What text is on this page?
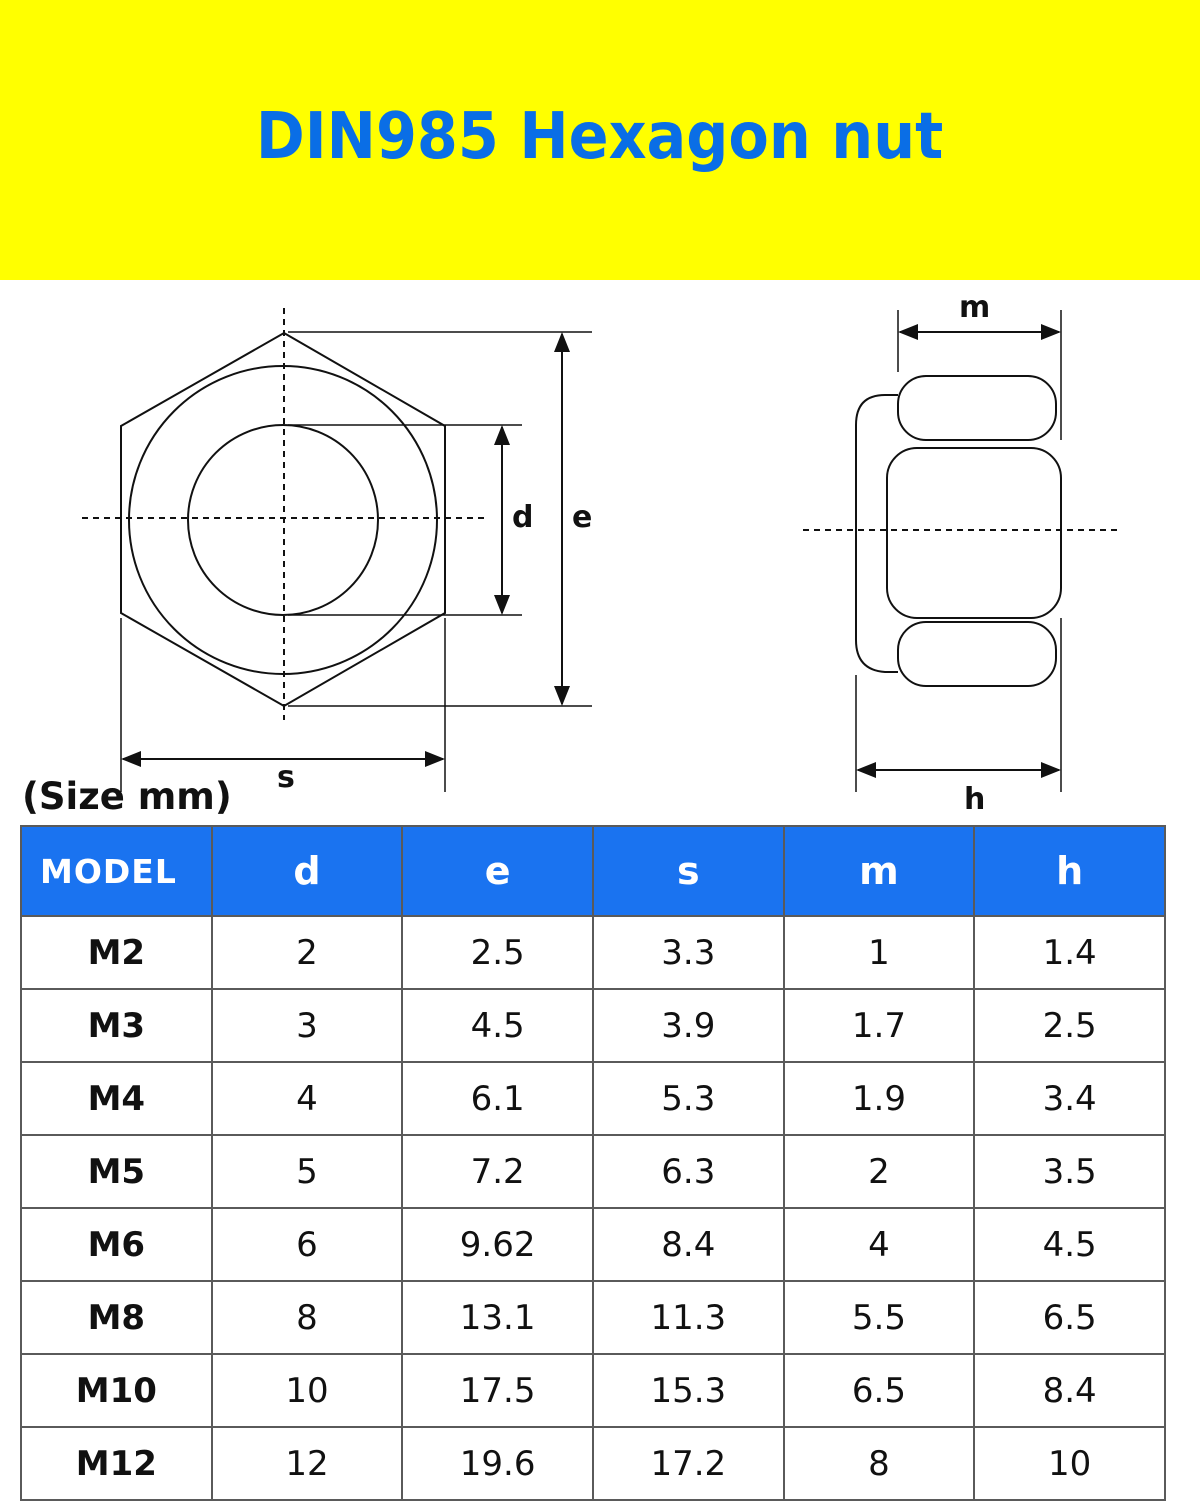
DIN985 Hexagon nut
d e
s
m
h
(Size mm)
MODEL	d	e	s	m	h
M2	2	2.5	3.3	1	1.4
M3	3	4.5	3.9	1.7	2.5
M4	4	6.1	5.3	1.9	3.4
M5	5	7.2	6.3	2	3.5
M6	6	9.62	8.4	4	4.5
M8	8	13.1	11.3	5.5	6.5
M10	10	17.5	15.3	6.5	8.4
M12	12	19.6	17.2	8	10
